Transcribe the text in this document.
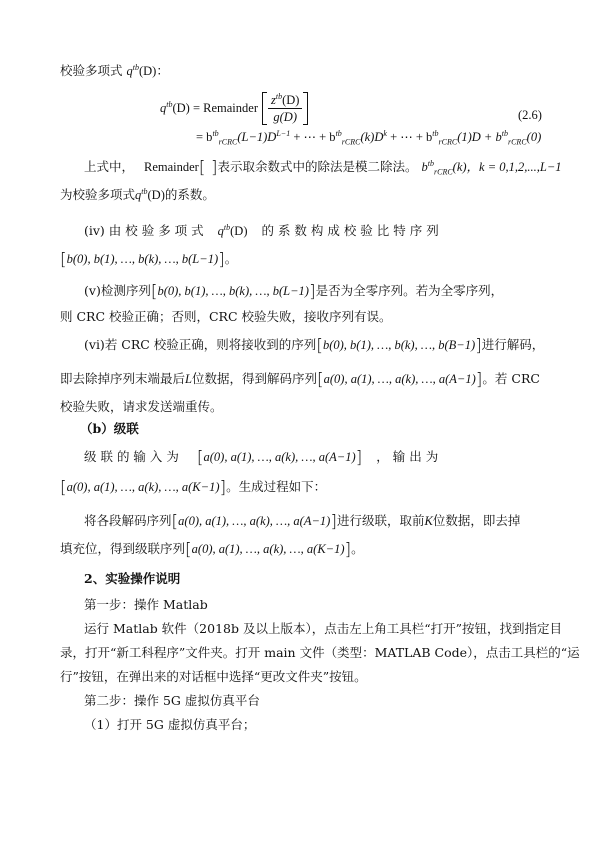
校验多项式 $q^{tb}(D)$：
$q^{tb}(D)$ = Remainder $\frac{z^{tb}(D)}{g(D)}$	(2.6)
= $b^{tb}_{rCRC}(L-1)D^{L-1}$ + ⋯ + $b^{tb}_{rCRC}(k)D^k$ + ⋯ + $b^{tb}_{rCRC}(1)D + b^{tb}_{rCRC}(0)$
上式中， Remainder[ ]表示取余数式中的除法是模二除法。 $b^{tb}_{rCRC}(k)$，k = 0,1,2,...,L−1
为校验多项式$q^{tb}(D)$的系数。
(iv) 由 校 验 多 项 式 $q^{tb}(D)$ 的 系 数 构 成 校 验 比 特 序 列
[b(0), b(1), …, b(k), …, b(L−1)]。
(v)检测序列[b(0), b(1), …, b(k), …, b(L−1)]是否为全零序列。若为全零序列，
则 CRC 校验正确；否则，CRC 校验失败，接收序列有误。
(vi)若 CRC 校验正确，则将接收到的序列[b(0), b(1), …, b(k), …, b(B−1)]进行解码，
即去除掉序列末端最后L位数据，得到解码序列[a(0), a(1), …, a(k), …, a(A−1)]。若 CRC
校验失败，请求发送端重传。
（b）级联
级 联 的 输 入 为 [a(0), a(1), …, a(k), …, a(A−1)] ， 输 出 为
[a(0), a(1), …, a(k), …, a(K−1)]。生成过程如下：
将各段解码序列[a(0), a(1), …, a(k), …, a(A−1)]进行级联，取前K位数据，即去掉
填充位，得到级联序列[a(0), a(1), …, a(k), …, a(K−1)]。
2、实验操作说明
第一步：操作 Matlab
运行 Matlab 软件（2018b 及以上版本），点击左上角工具栏“打开”按钮，找到指定目
录，打开“新工科程序”文件夹。打开 main 文件（类型：MATLAB Code），点击工具栏的“运
行”按钮，在弹出来的对话框中选择“更改文件夹”按钮。
第二步：操作 5G 虚拟仿真平台
（1）打开 5G 虚拟仿真平台；
